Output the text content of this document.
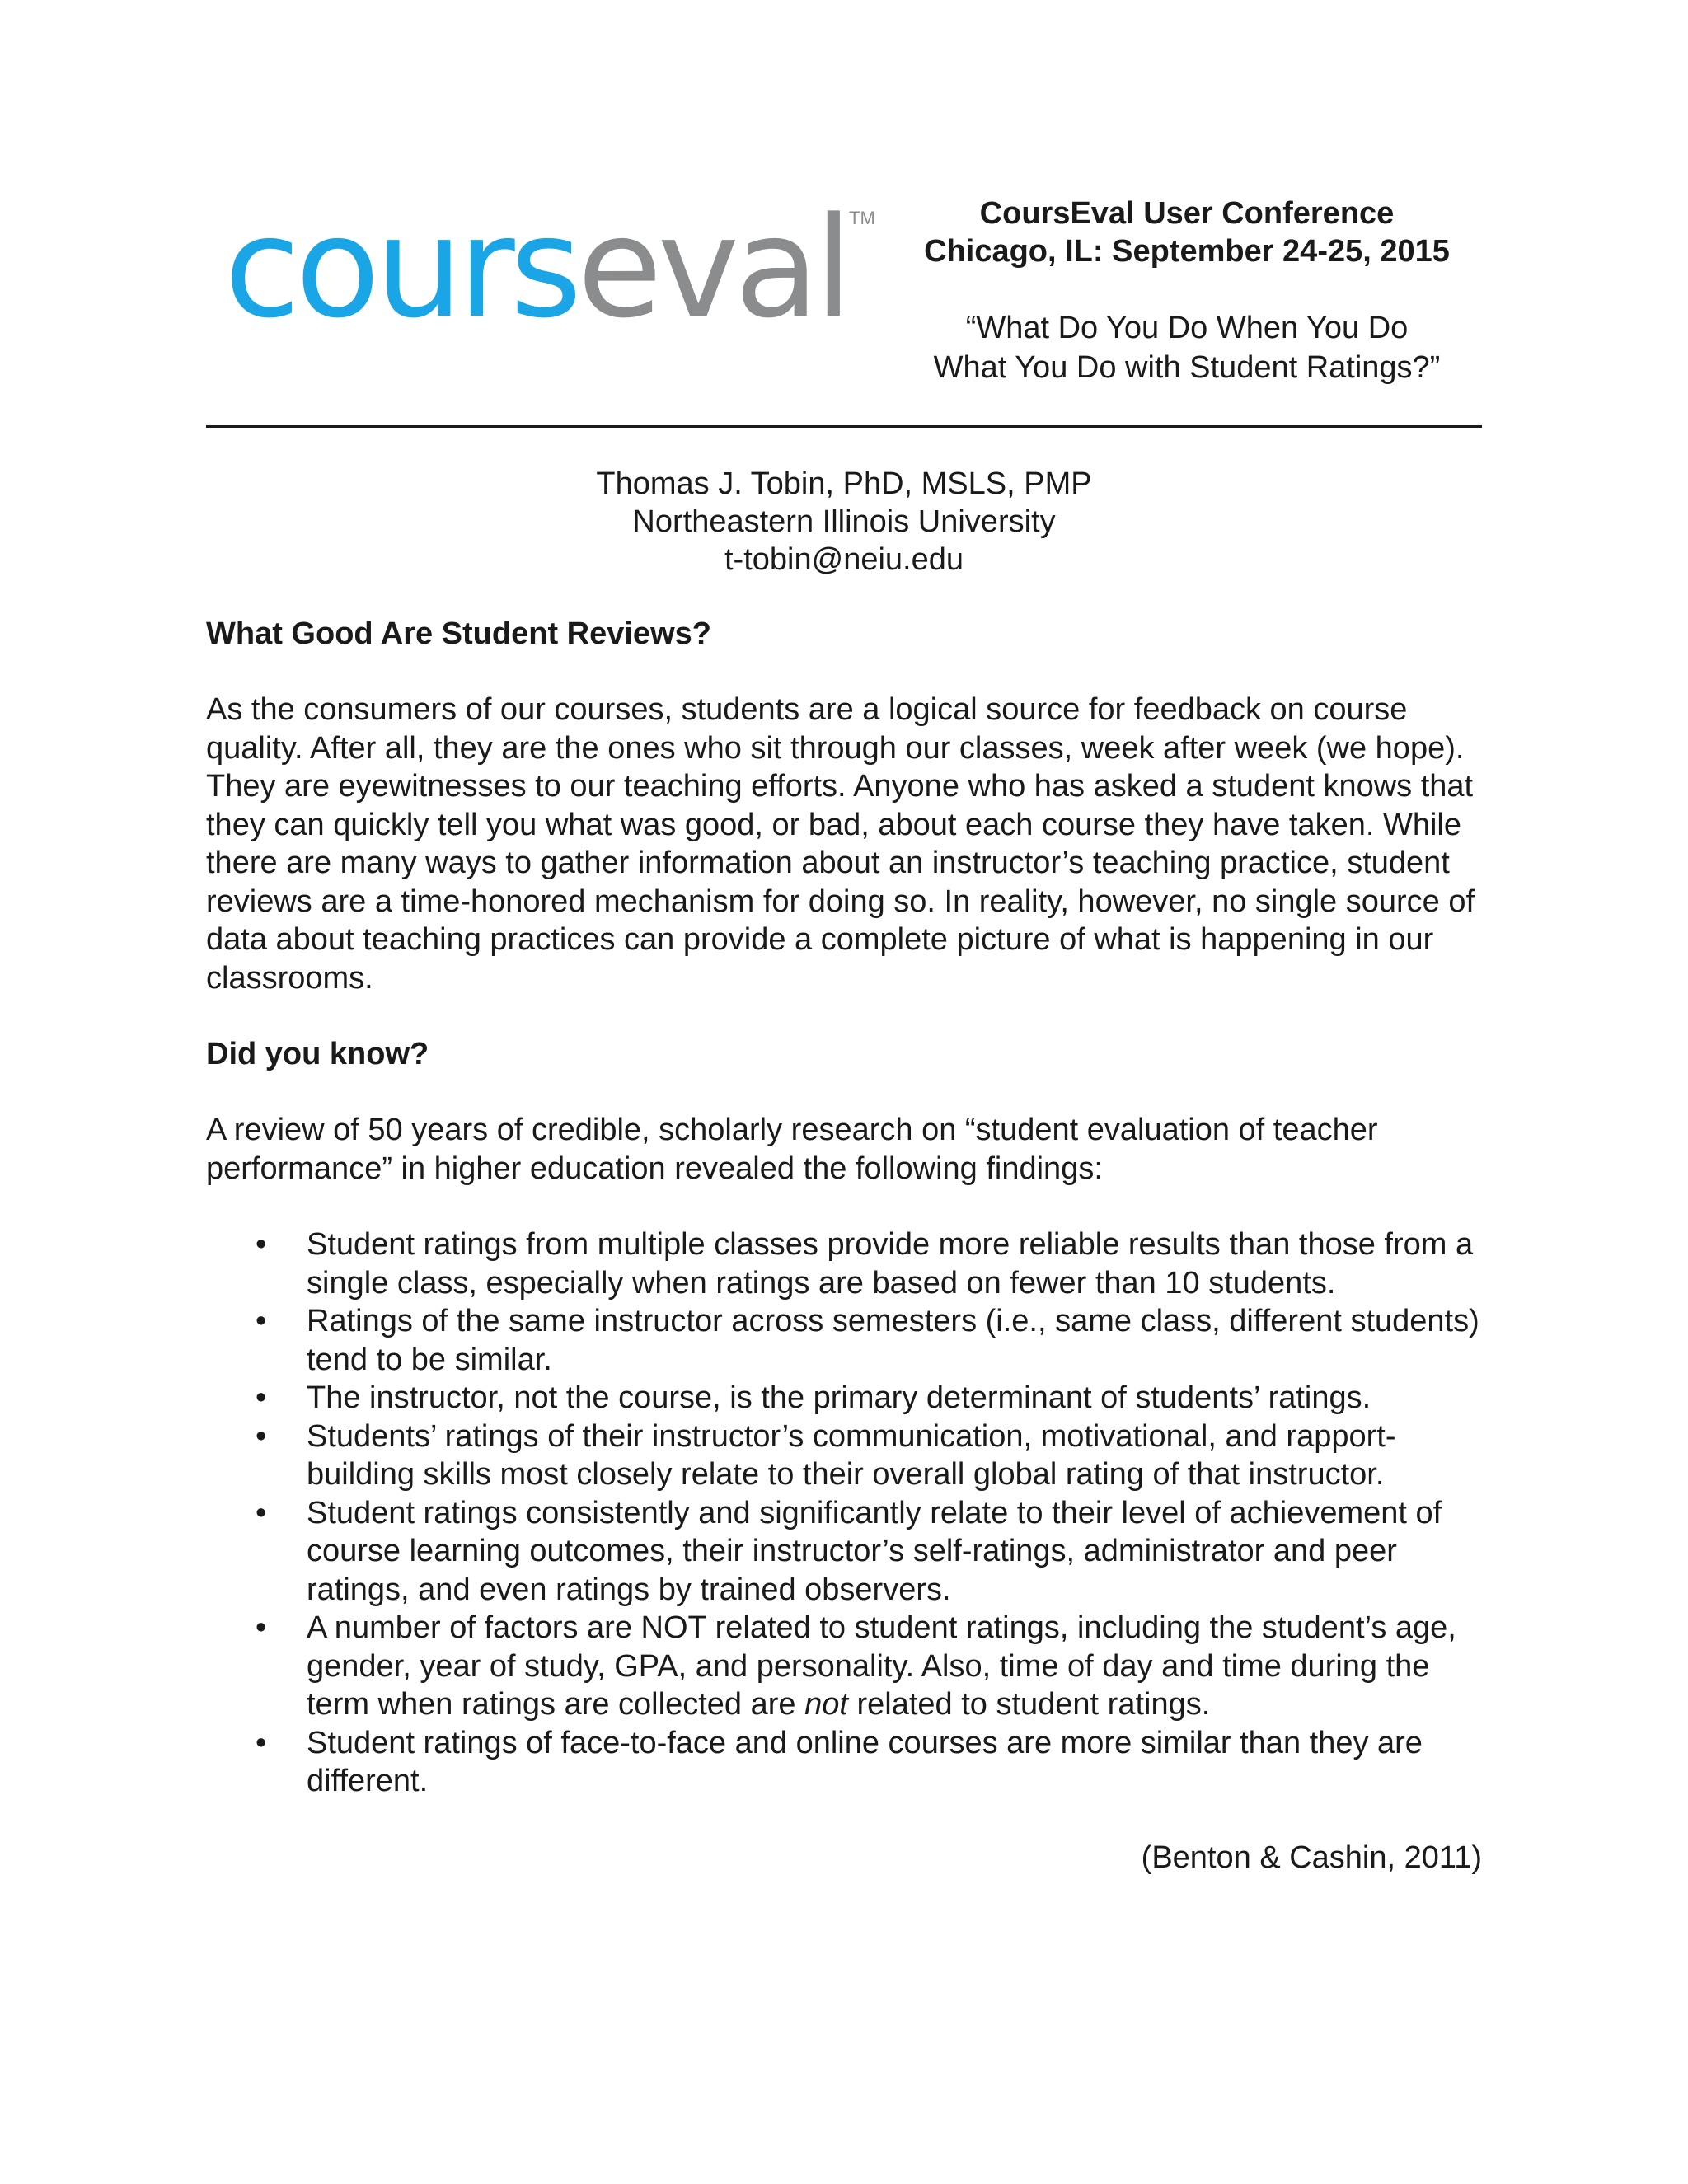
courseval TM	CoursEval User Conference
Chicago, IL: September 24-25, 2015
“What Do You Do When You Do
What You Do with Student Ratings?”
Thomas J. Tobin, PhD, MSLS, PMP
Northeastern Illinois University
t-tobin@neiu.edu

What Good Are Student Reviews?

As the consumers of our courses, students are a logical source for feedback on course quality. After all, they are the ones who sit through our classes, week after week (we hope). They are eyewitnesses to our teaching efforts. Anyone who has asked a student knows that they can quickly tell you what was good, or bad, about each course they have taken. While there are many ways to gather information about an instructor’s teaching practice, student reviews are a time-honored mechanism for doing so. In reality, however, no single source of data about teaching practices can provide a complete picture of what is happening in our classrooms.

Did you know?

A review of 50 years of credible, scholarly research on “student evaluation of teacher performance” in higher education revealed the following findings:

• Student ratings from multiple classes provide more reliable results than those from a single class, especially when ratings are based on fewer than 10 students.
• Ratings of the same instructor across semesters (i.e., same class, different students) tend to be similar.
• The instructor, not the course, is the primary determinant of students’ ratings.
• Students’ ratings of their instructor’s communication, motivational, and rapport-building skills most closely relate to their overall global rating of that instructor.
• Student ratings consistently and significantly relate to their level of achievement of course learning outcomes, their instructor’s self-ratings, administrator and peer ratings, and even ratings by trained observers.
• A number of factors are NOT related to student ratings, including the student’s age, gender, year of study, GPA, and personality. Also, time of day and time during the term when ratings are collected are not related to student ratings.
• Student ratings of face-to-face and online courses are more similar than they are different.
(Benton & Cashin, 2011)
